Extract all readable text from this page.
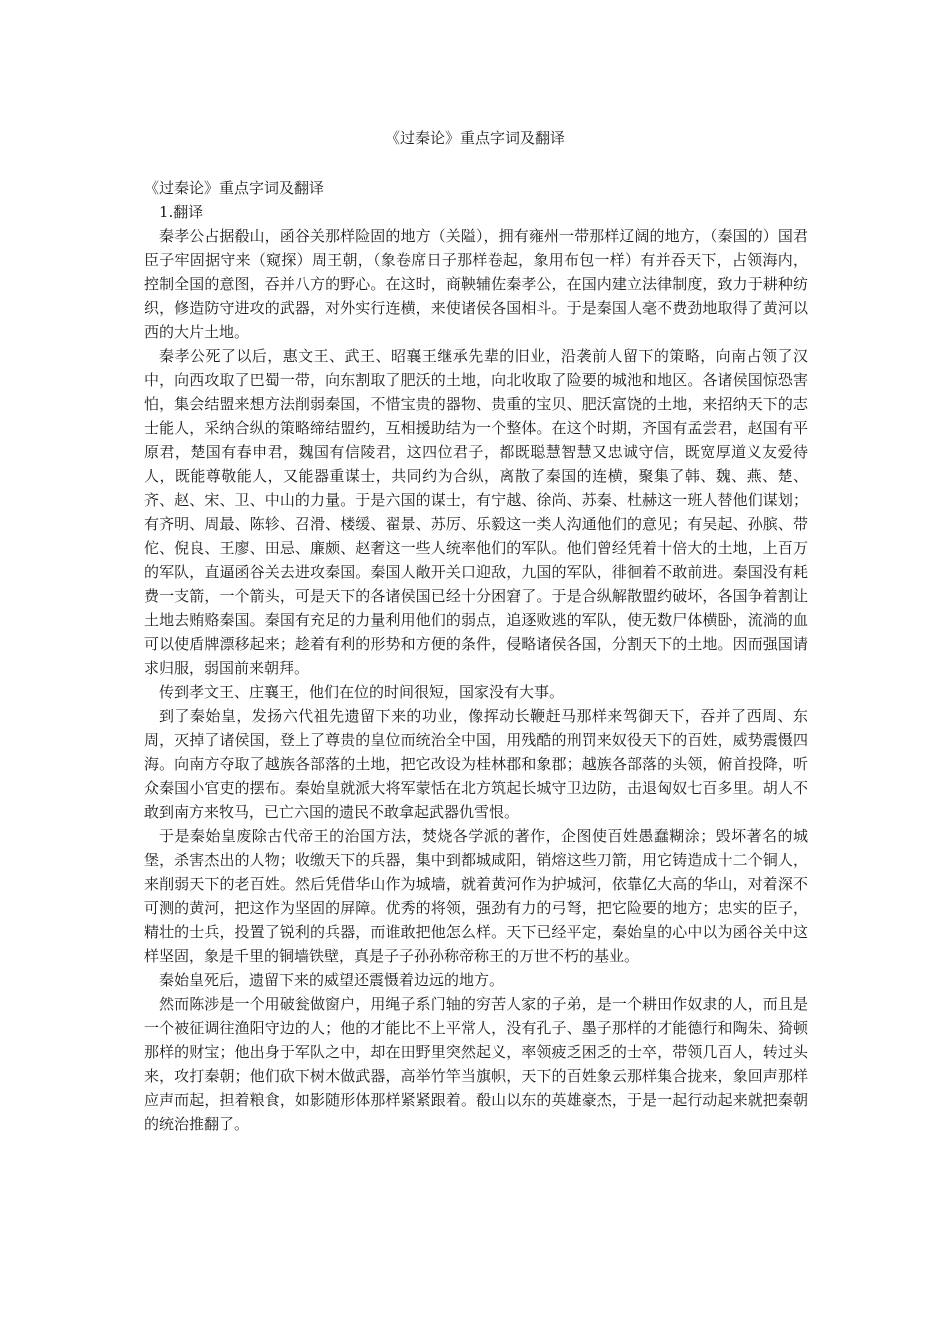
《过秦论》重点字词及翻译

《过秦论》重点字词及翻译

1.翻译

秦孝公占据殽山，函谷关那样险固的地方（关隘），拥有雍州一带那样辽阔的地方，（秦国的）国君臣子牢固据守来（窥探）周王朝，（象卷席日子那样卷起，象用布包一样）有并吞天下，占领海内，控制全国的意图，吞并八方的野心。在这时，商鞅辅佐秦孝公，在国内建立法律制度，致力于耕种纺织，修造防守进攻的武器，对外实行连横，来使诸侯各国相斗。于是秦国人毫不费劲地取得了黄河以西的大片土地。

秦孝公死了以后，惠文王、武王、昭襄王继承先辈的旧业，沿袭前人留下的策略，向南占领了汉中，向西攻取了巴蜀一带，向东割取了肥沃的土地，向北收取了险要的城池和地区。各诸侯国惊恐害怕，集会结盟来想方法削弱秦国，不惜宝贵的器物、贵重的宝贝、肥沃富饶的土地，来招纳天下的志士能人，采纳合纵的策略缔结盟约，互相援助结为一个整体。在这个时期，齐国有孟尝君，赵国有平原君，楚国有春申君，魏国有信陵君，这四位君子，都既聪慧智慧又忠诚守信，既宽厚道义友爱待人，既能尊敬能人，又能器重谋士，共同约为合纵，离散了秦国的连横，聚集了韩、魏、燕、楚、齐、赵、宋、卫、中山的力量。于是六国的谋士，有宁越、徐尚、苏秦、杜赫这一班人替他们谋划；有齐明、周最、陈轸、召滑、楼缓、翟景、苏厉、乐毅这一类人沟通他们的意见；有吴起、孙膑、带佗、倪良、王廖、田忌、廉颇、赵奢这一些人统率他们的军队。他们曾经凭着十倍大的土地，上百万的军队，直逼函谷关去进攻秦国。秦国人敞开关口迎敌，九国的军队，徘徊着不敢前进。秦国没有耗费一支箭，一个箭头，可是天下的各诸侯国已经十分困窘了。于是合纵解散盟约破坏，各国争着割让土地去贿赂秦国。秦国有充足的力量利用他们的弱点，追逐败逃的军队，使无数尸体横卧，流淌的血可以使盾牌漂移起来；趁着有利的形势和方便的条件，侵略诸侯各国，分割天下的土地。因而强国请求归服，弱国前来朝拜。

传到孝文王、庄襄王，他们在位的时间很短，国家没有大事。

到了秦始皇，发扬六代祖先遗留下来的功业，像挥动长鞭赶马那样来驾御天下，吞并了西周、东周，灭掉了诸侯国，登上了尊贵的皇位而统治全中国，用残酷的刑罚来奴役天下的百姓，威势震慑四海。向南方夺取了越族各部落的土地，把它改设为桂林郡和象郡；越族各部落的头领，俯首投降，听众秦国小官吏的摆布。秦始皇就派大将军蒙恬在北方筑起长城守卫边防，击退匈奴七百多里。胡人不敢到南方来牧马，已亡六国的遗民不敢拿起武器仇雪恨。

于是秦始皇废除古代帝王的治国方法，焚烧各学派的著作，企图使百姓愚蠢糊涂；毁坏著名的城堡，杀害杰出的人物；收缴天下的兵器，集中到都城咸阳，销熔这些刀箭，用它铸造成十二个铜人，来削弱天下的老百姓。然后凭借华山作为城墙，就着黄河作为护城河，依靠亿大高的华山，对着深不可测的黄河，把这作为坚固的屏障。优秀的将领，强劲有力的弓弩，把它险要的地方；忠实的臣子，精壮的士兵，投置了锐利的兵器，而谁敢把他怎么样。天下已经平定，秦始皇的心中以为函谷关中这样坚固，象是千里的铜墙铁壁，真是子子孙孙称帝称王的万世不朽的基业。

秦始皇死后，遗留下来的威望还震慑着边远的地方。

然而陈涉是一个用破瓮做窗户，用绳子系门轴的穷苦人家的子弟，是一个耕田作奴隶的人，而且是一个被征调往渔阳守边的人；他的才能比不上平常人，没有孔子、墨子那样的才能德行和陶朱、猗顿那样的财宝；他出身于军队之中，却在田野里突然起义，率领疲乏困乏的士卒，带领几百人，转过头来，攻打秦朝；他们砍下树木做武器，高举竹竿当旗帜，天下的百姓象云那样集合拢来，象回声那样应声而起，担着粮食，如影随形体那样紧紧跟着。殽山以东的英雄豪杰，于是一起行动起来就把秦朝的统治推翻了。
